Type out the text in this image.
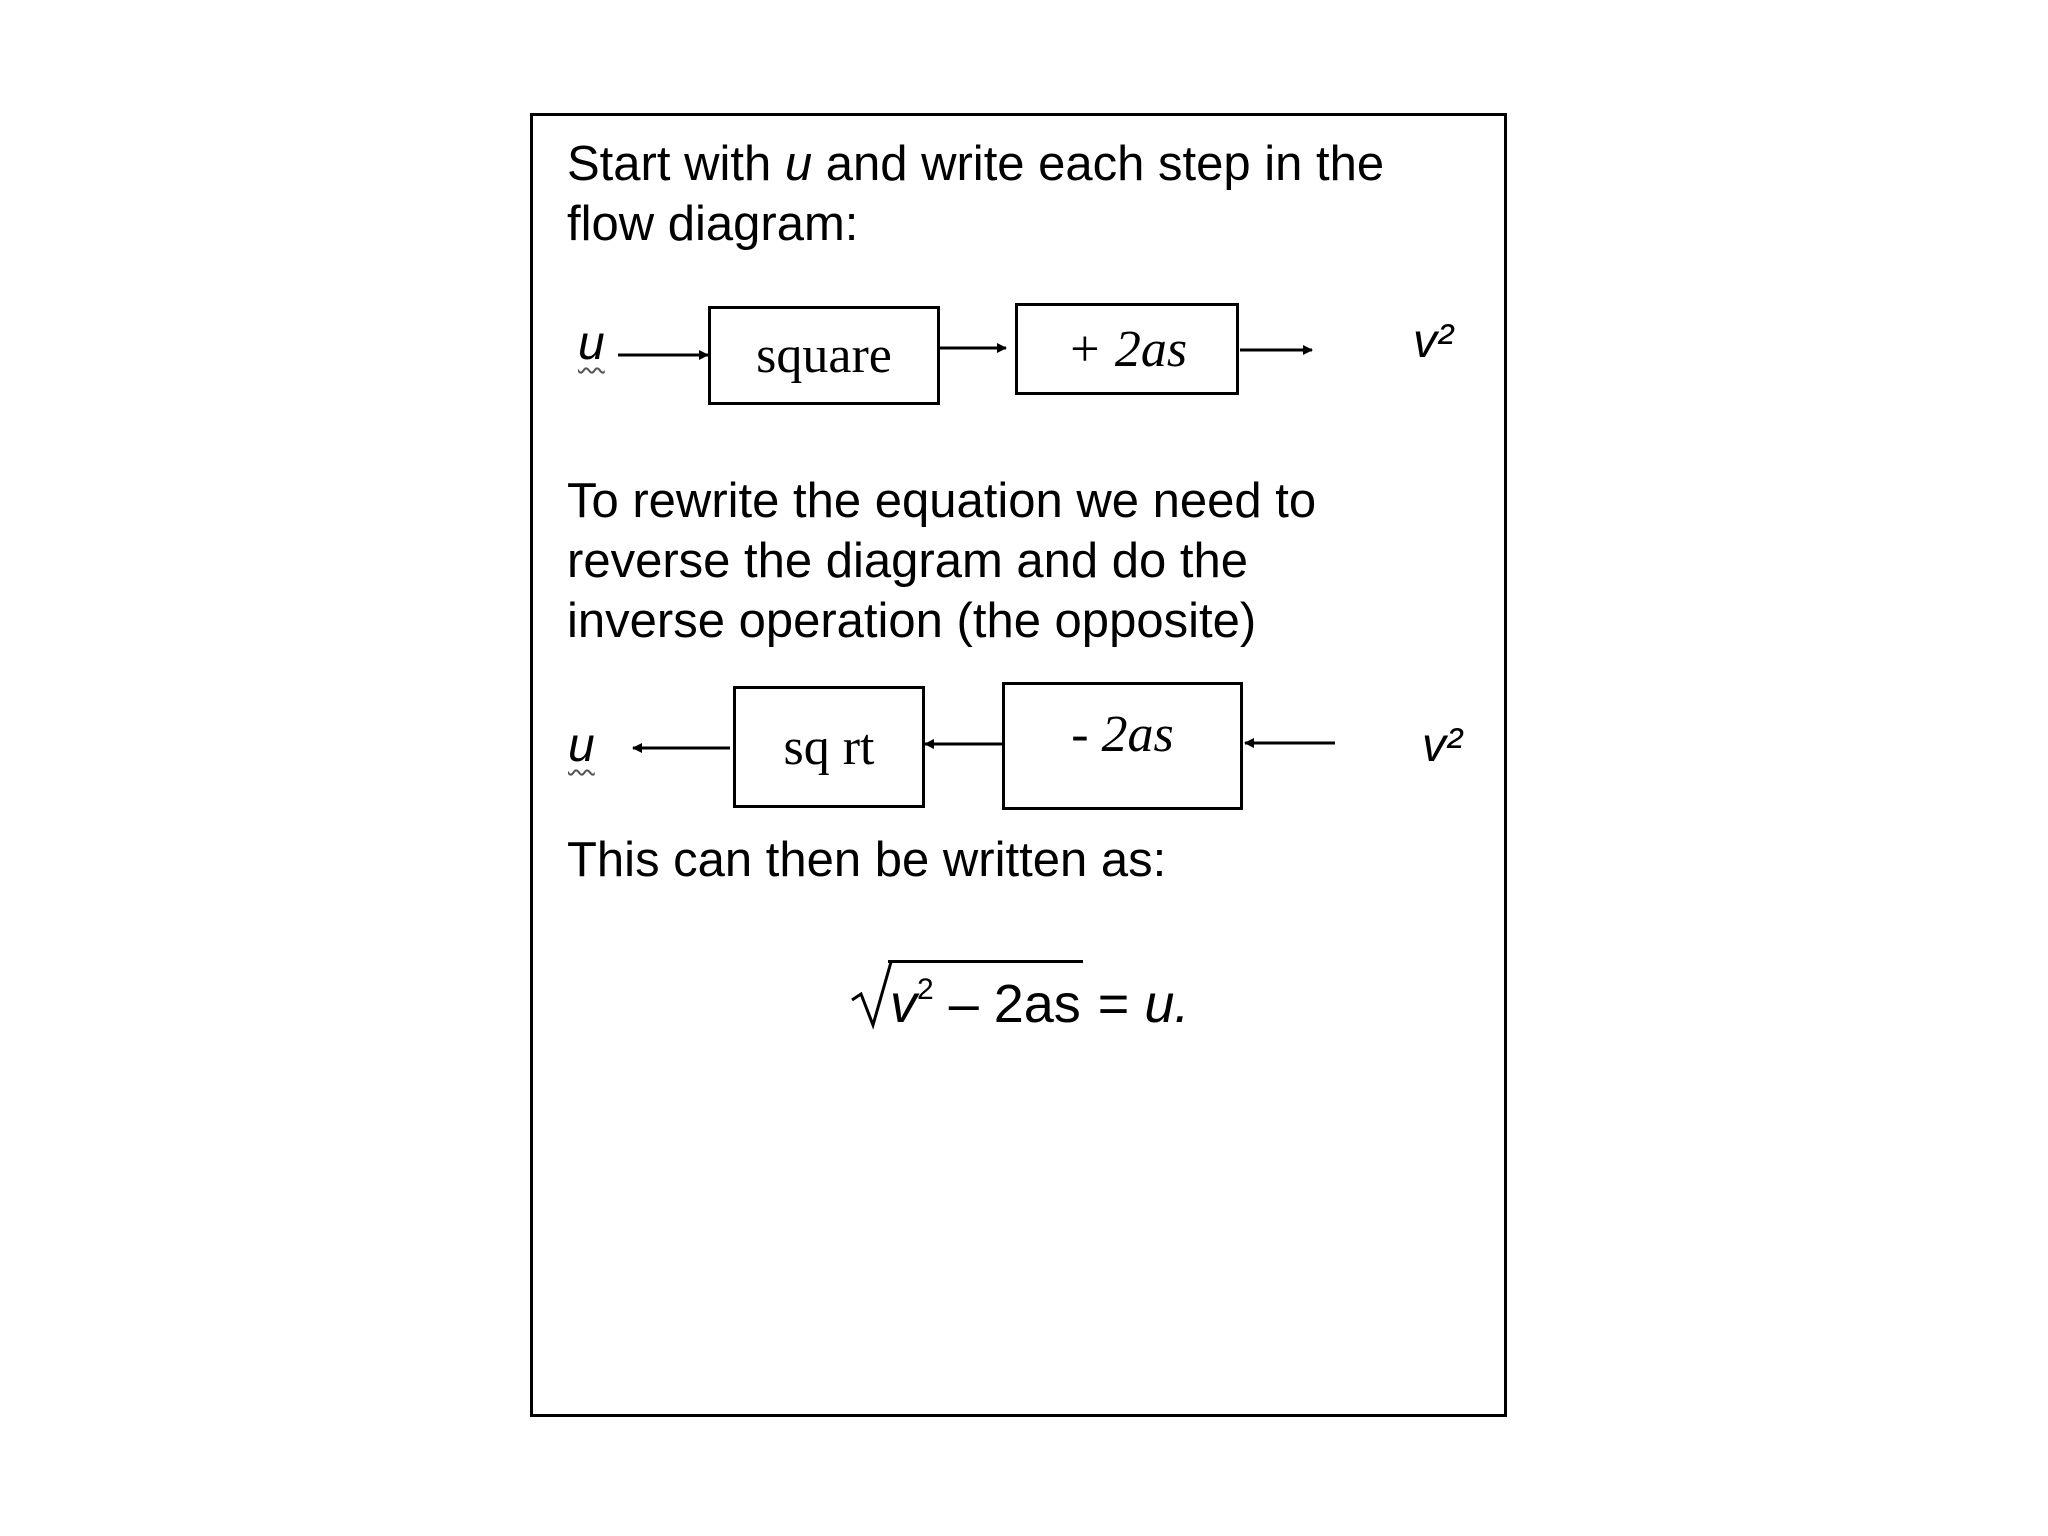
Start with u and write each step in the
flow diagram:
u	square	+ 2as	v²
To rewrite the equation we need to
reverse the diagram and do the
inverse operation (the opposite)
u	sq rt	- 2as	v²
This can then be written as:
$v^2 - 2as = u$.
